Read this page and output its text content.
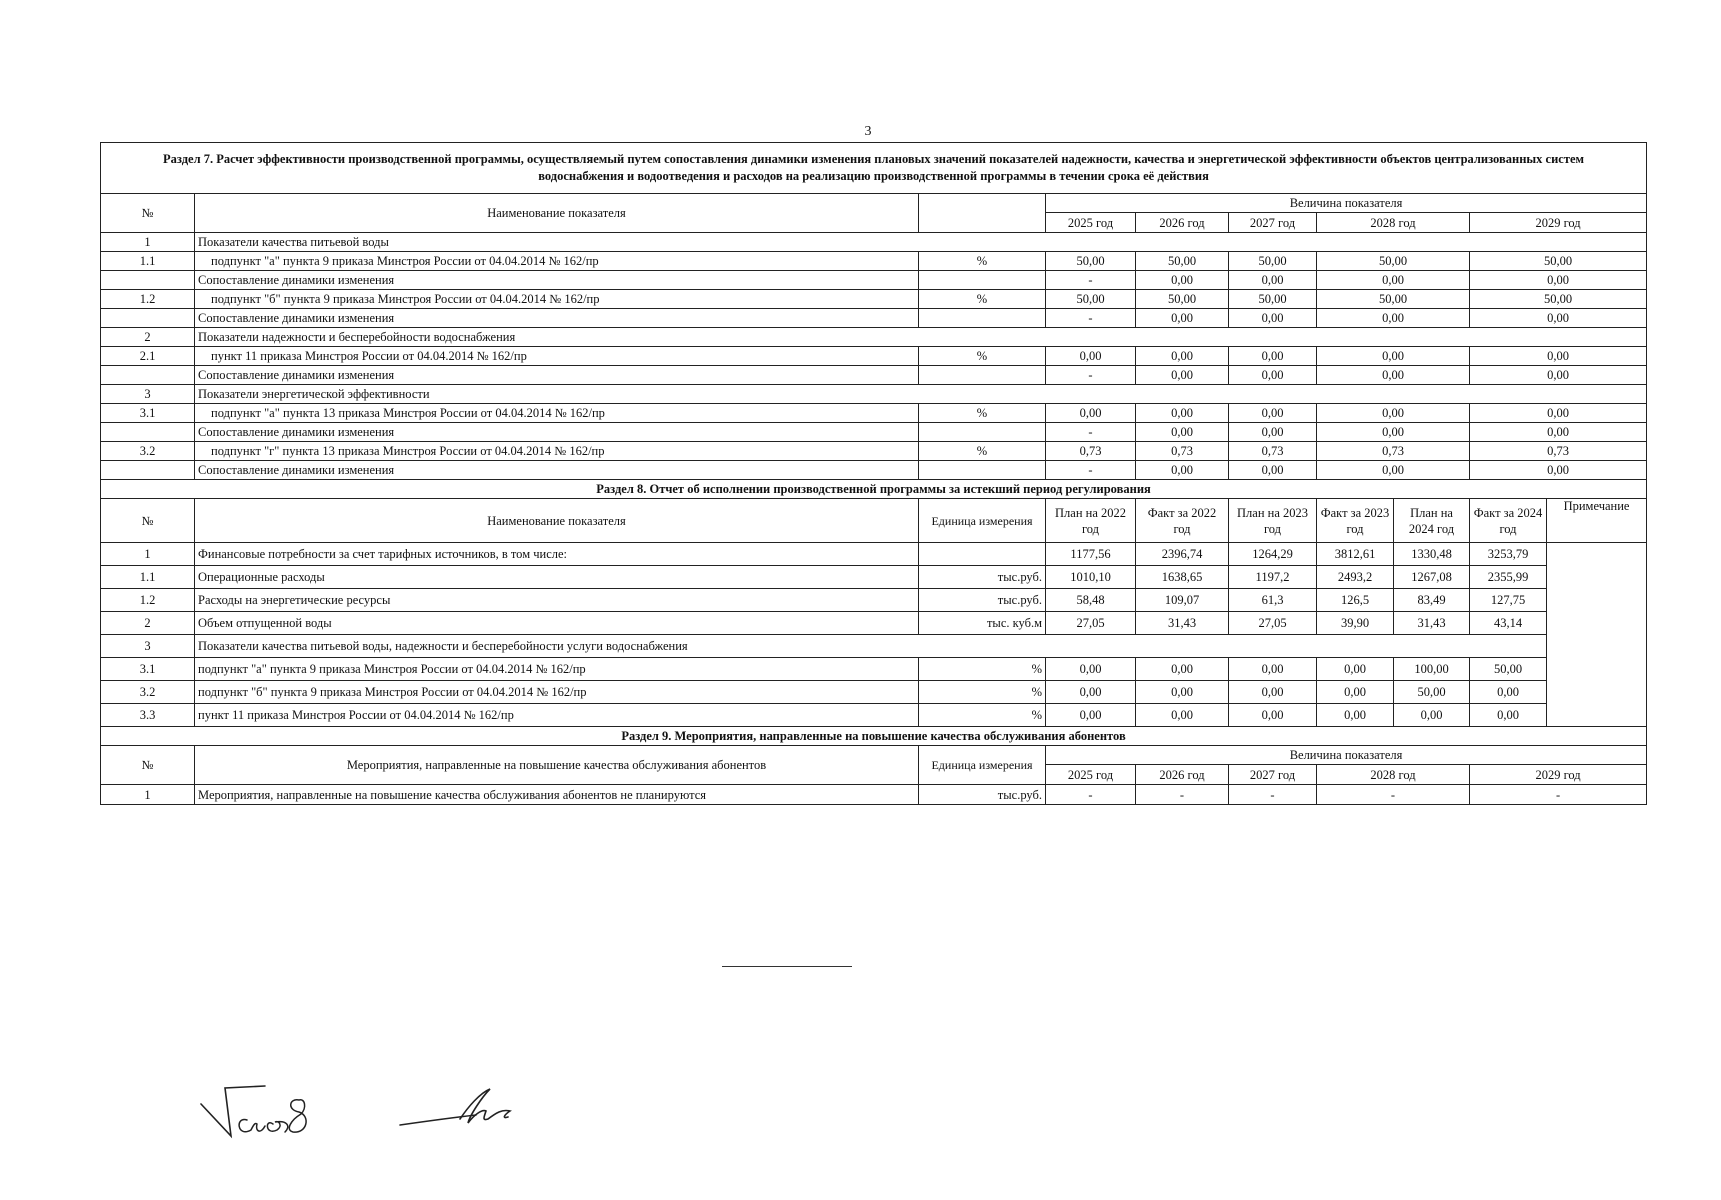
3
Раздел 7. Расчет эффективности производственной программы, осуществляемый путем сопоставления динамики изменения плановых значений показателей надежности, качества и энергетической эффективности объектов централизованных систем водоснабжения и водоотведения и расходов на реализацию производственной программы в течении срока её действия									
№	Наименование показателя		Величина показателя						
			2025 год	2026 год	2027 год	2028 год		2029 год	
1	Показатели качества питьевой воды								
1.1	подпункт "а" пункта 9 приказа Минстроя России от 04.04.2014 № 162/пр	%	50,00	50,00	50,00	50,00		50,00	
	Сопоставление динамики изменения		-	0,00	0,00	0,00		0,00	
1.2	подпункт "б" пункта 9 приказа Минстроя России от 04.04.2014 № 162/пр	%	50,00	50,00	50,00	50,00		50,00	
	Сопоставление динамики изменения		-	0,00	0,00	0,00		0,00	
2	Показатели надежности и бесперебойности водоснабжения								
2.1	пункт 11 приказа Минстроя России от 04.04.2014 № 162/пр	%	0,00	0,00	0,00	0,00		0,00	
	Сопоставление динамики изменения		-	0,00	0,00	0,00		0,00	
3	Показатели энергетической эффективности								
3.1	подпункт "а" пункта 13 приказа Минстроя России от 04.04.2014 № 162/пр	%	0,00	0,00	0,00	0,00		0,00	
	Сопоставление динамики изменения		-	0,00	0,00	0,00		0,00	
3.2	подпункт "г" пункта 13 приказа Минстроя России от 04.04.2014 № 162/пр	%	0,73	0,73	0,73	0,73		0,73	
	Сопоставление динамики изменения		-	0,00	0,00	0,00		0,00	
Раздел 8. Отчет об исполнении производственной программы за истекший период регулирования									
№	Наименование показателя	Единица измерения	План на 2022 год	Факт за 2022 год	План на 2023 год	Факт за 2023 год	План на 2024 год	Факт за 2024 год	Примечание
1	Финансовые потребности за счет тарифных источников, в том числе:		1177,56	2396,74	1264,29	3812,61	1330,48	3253,79	
1.1	Операционные расходы	тыс.руб.	1010,10	1638,65	1197,2	2493,2	1267,08	2355,99	
1.2	Расходы на энергетические ресурсы	тыс.руб.	58,48	109,07	61,3	126,5	83,49	127,75	
2	Объем отпущенной воды	тыс. куб.м	27,05	31,43	27,05	39,90	31,43	43,14	
3	Показатели качества питьевой воды, надежности и бесперебойности услуги водоснабжения								
3.1	подпункт "а" пункта 9 приказа Минстроя России от 04.04.2014 № 162/пр	%	0,00	0,00	0,00	0,00	100,00	50,00	
3.2	подпункт "б" пункта 9 приказа Минстроя России от 04.04.2014 № 162/пр	%	0,00	0,00	0,00	0,00	50,00	0,00	
3.3	пункт 11 приказа Минстроя России от 04.04.2014 № 162/пр	%	0,00	0,00	0,00	0,00	0,00	0,00	
Раздел 9. Мероприятия, направленные на повышение качества обслуживания абонентов									
№	Мероприятия, направленные на повышение качества обслуживания абонентов	Единица измерения	Величина показателя						
			2025 год	2026 год	2027 год	2028 год		2029 год	
1	Мероприятия, направленные на повышение качества обслуживания абонентов не планируются	тыс.руб.	-	-	-	-		-	
